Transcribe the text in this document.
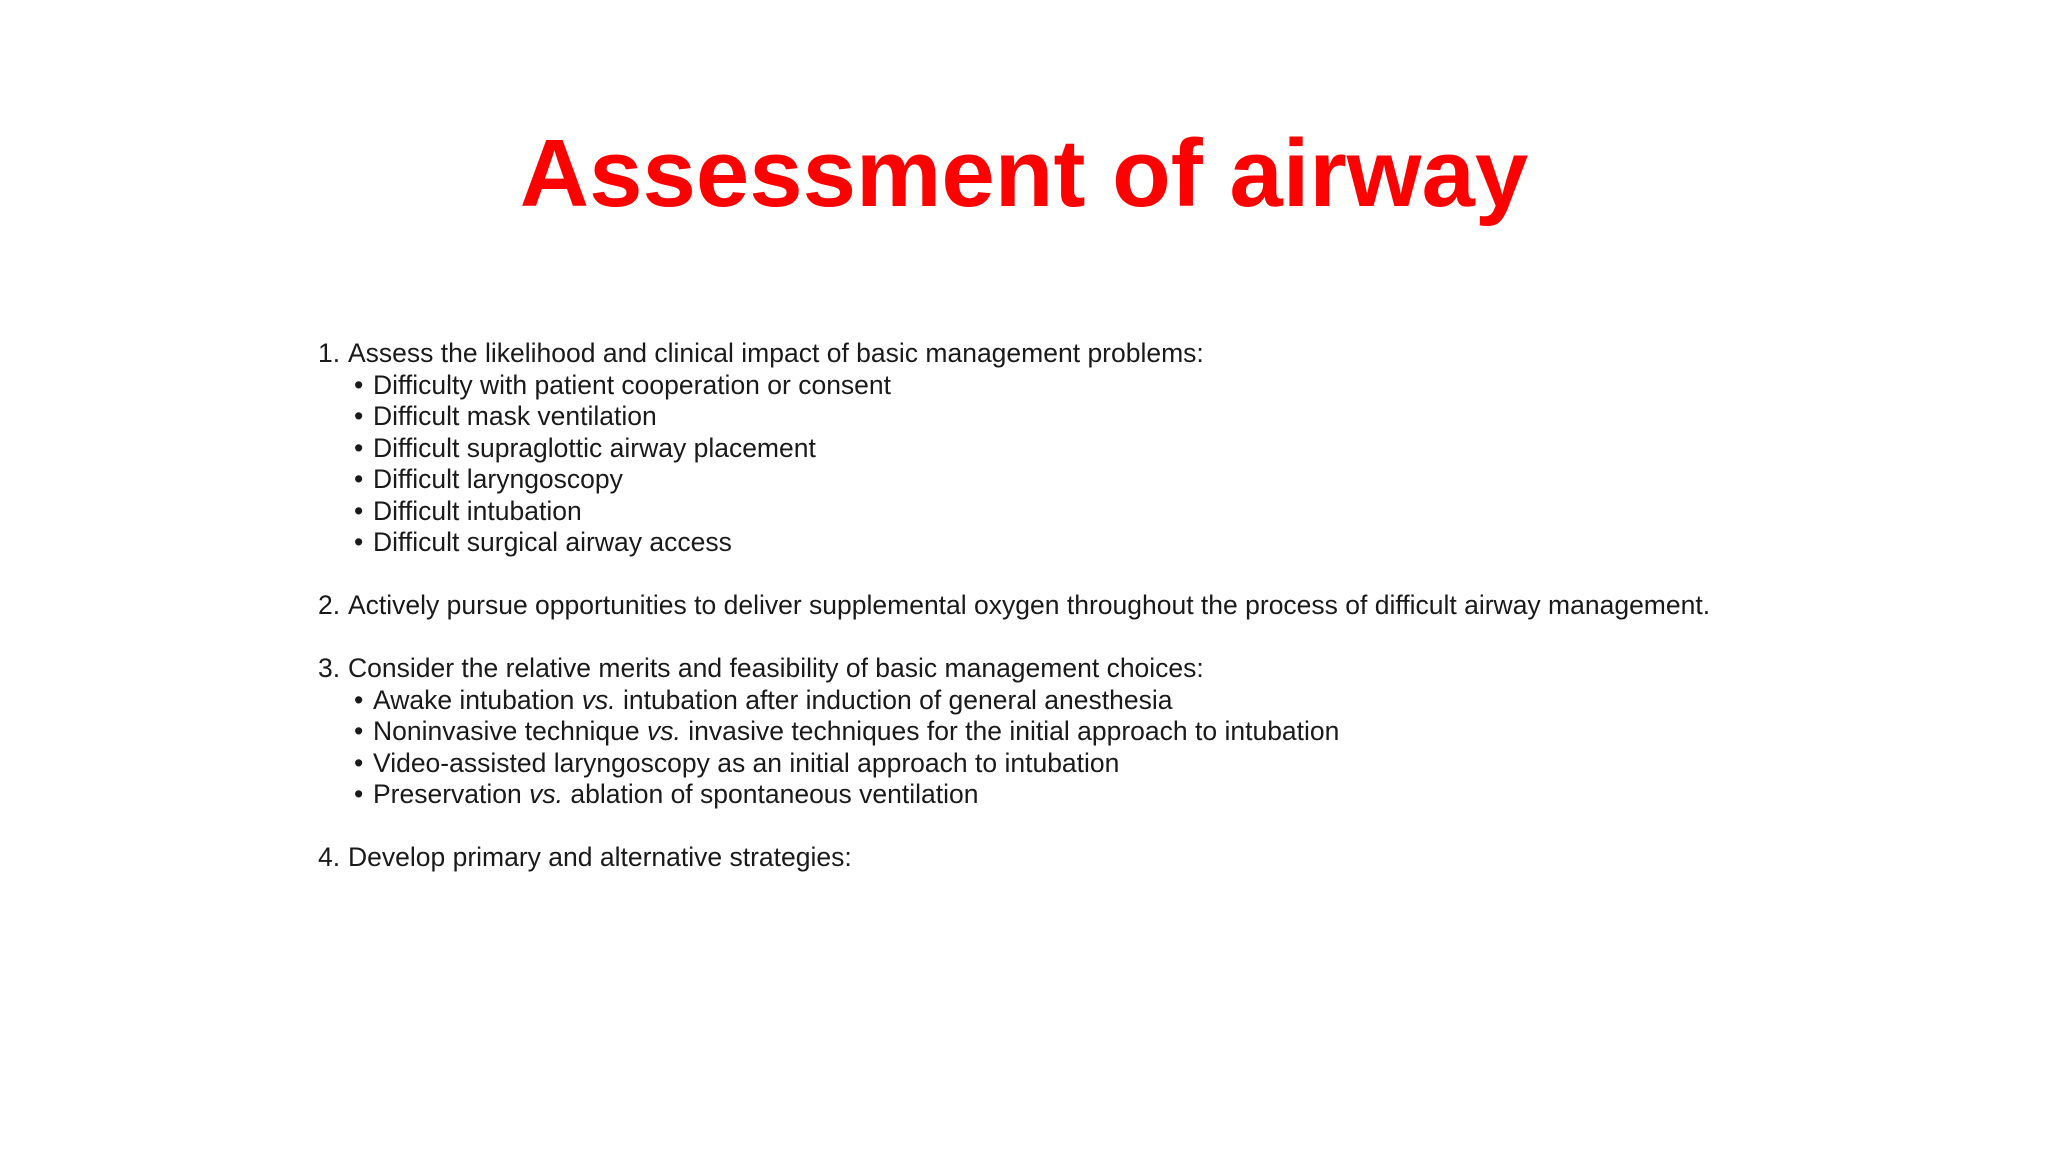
Assessment of airway
1. Assess the likelihood and clinical impact of basic management problems:
• Difficulty with patient cooperation or consent
• Difficult mask ventilation
• Difficult supraglottic airway placement
• Difficult laryngoscopy
• Difficult intubation
• Difficult surgical airway access
2. Actively pursue opportunities to deliver supplemental oxygen throughout the process of difficult airway management.
3. Consider the relative merits and feasibility of basic management choices:
• Awake intubation vs. intubation after induction of general anesthesia
• Noninvasive technique vs. invasive techniques for the initial approach to intubation
• Video-assisted laryngoscopy as an initial approach to intubation
• Preservation vs. ablation of spontaneous ventilation
4. Develop primary and alternative strategies:
